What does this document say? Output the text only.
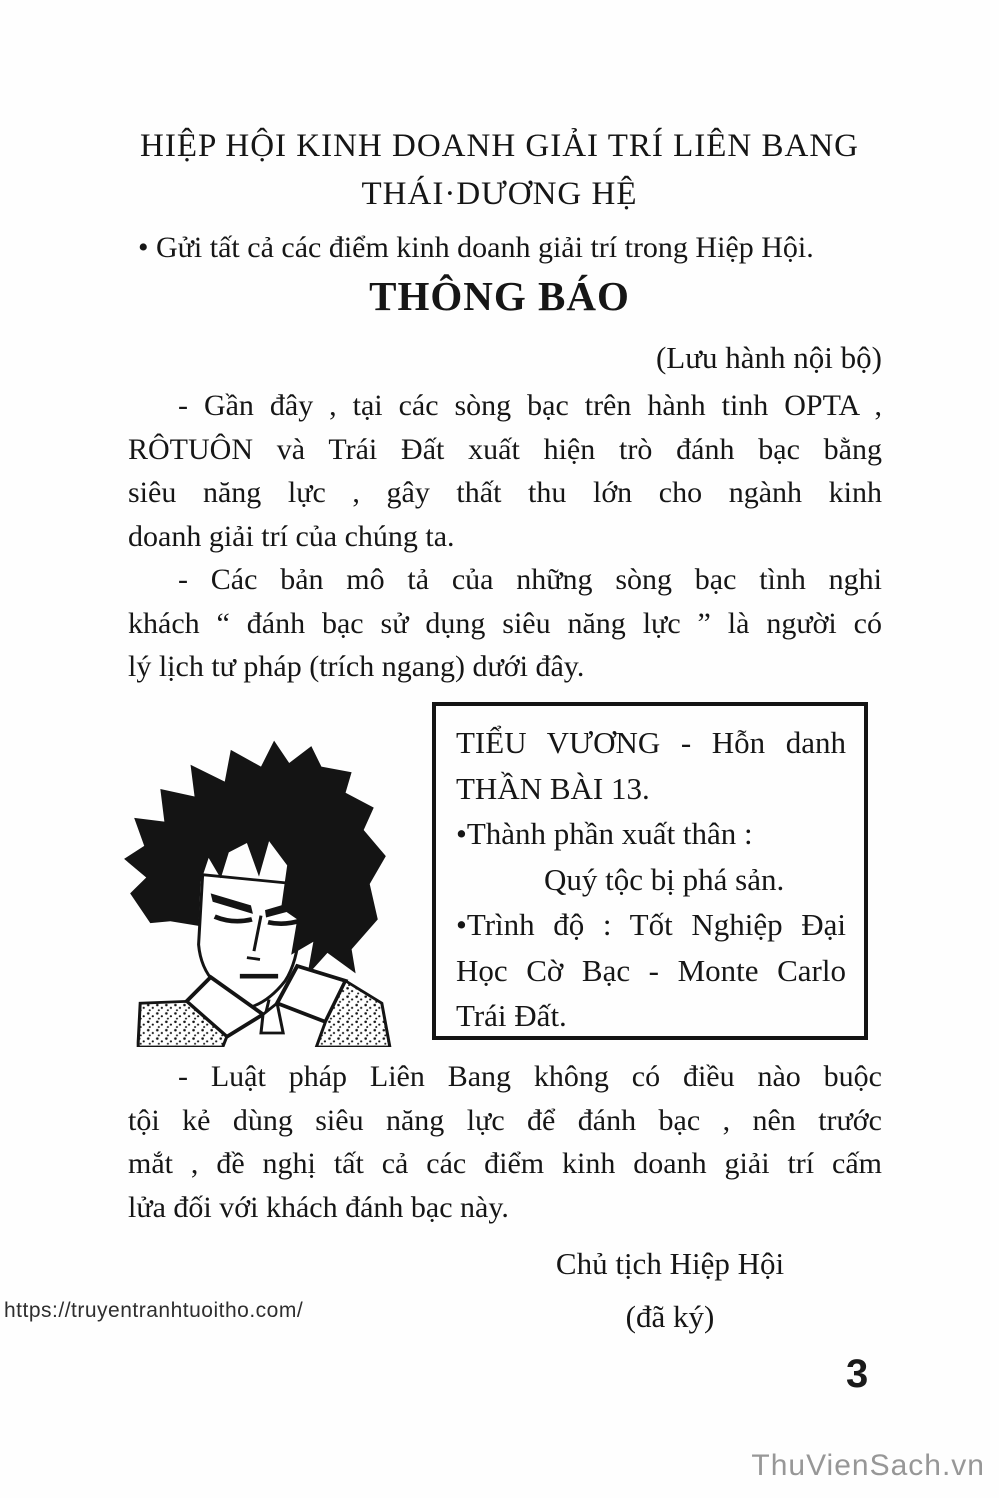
HIỆP HỘI KINH DOANH GIẢI TRÍ LIÊN BANG
THÁI·DƯƠNG HỆ
• Gửi tất cả các điểm kinh doanh giải trí trong Hiệp Hội.
THÔNG BÁO
(Lưu hành nội bộ)
- Gần đây , tại các sòng bạc trên hành tinh OPTA ,
RÔTUÔN và Trái Đất xuất hiện trò đánh bạc bằng
siêu năng lực , gây thất thu lớn cho ngành kinh
doanh giải trí của chúng ta.
- Các bản mô tả của những sòng bạc tình nghi
khách “ đánh bạc sử dụng siêu năng lực ” là người có
lý lịch tư pháp (trích ngang) dưới đây.
TIỂU VƯƠNG - Hỗn danh
THẦN BÀI 13.
•Thành phần xuất thân :
Quý tộc bị phá sản.
•Trình độ : Tốt Nghiệp Đại
Học Cờ Bạc - Monte Carlo
Trái Đất.
- Luật pháp Liên Bang không có điều nào buộc
tội kẻ dùng siêu năng lực để đánh bạc , nên trước
mắt , đề nghị tất cả các điểm kinh doanh giải trí cấm
lửa đối với khách đánh bạc này.
Chủ tịch Hiệp Hội
(đã ký)
https://truyentranhtuoitho.com/
3
ThuVienSach.vn
